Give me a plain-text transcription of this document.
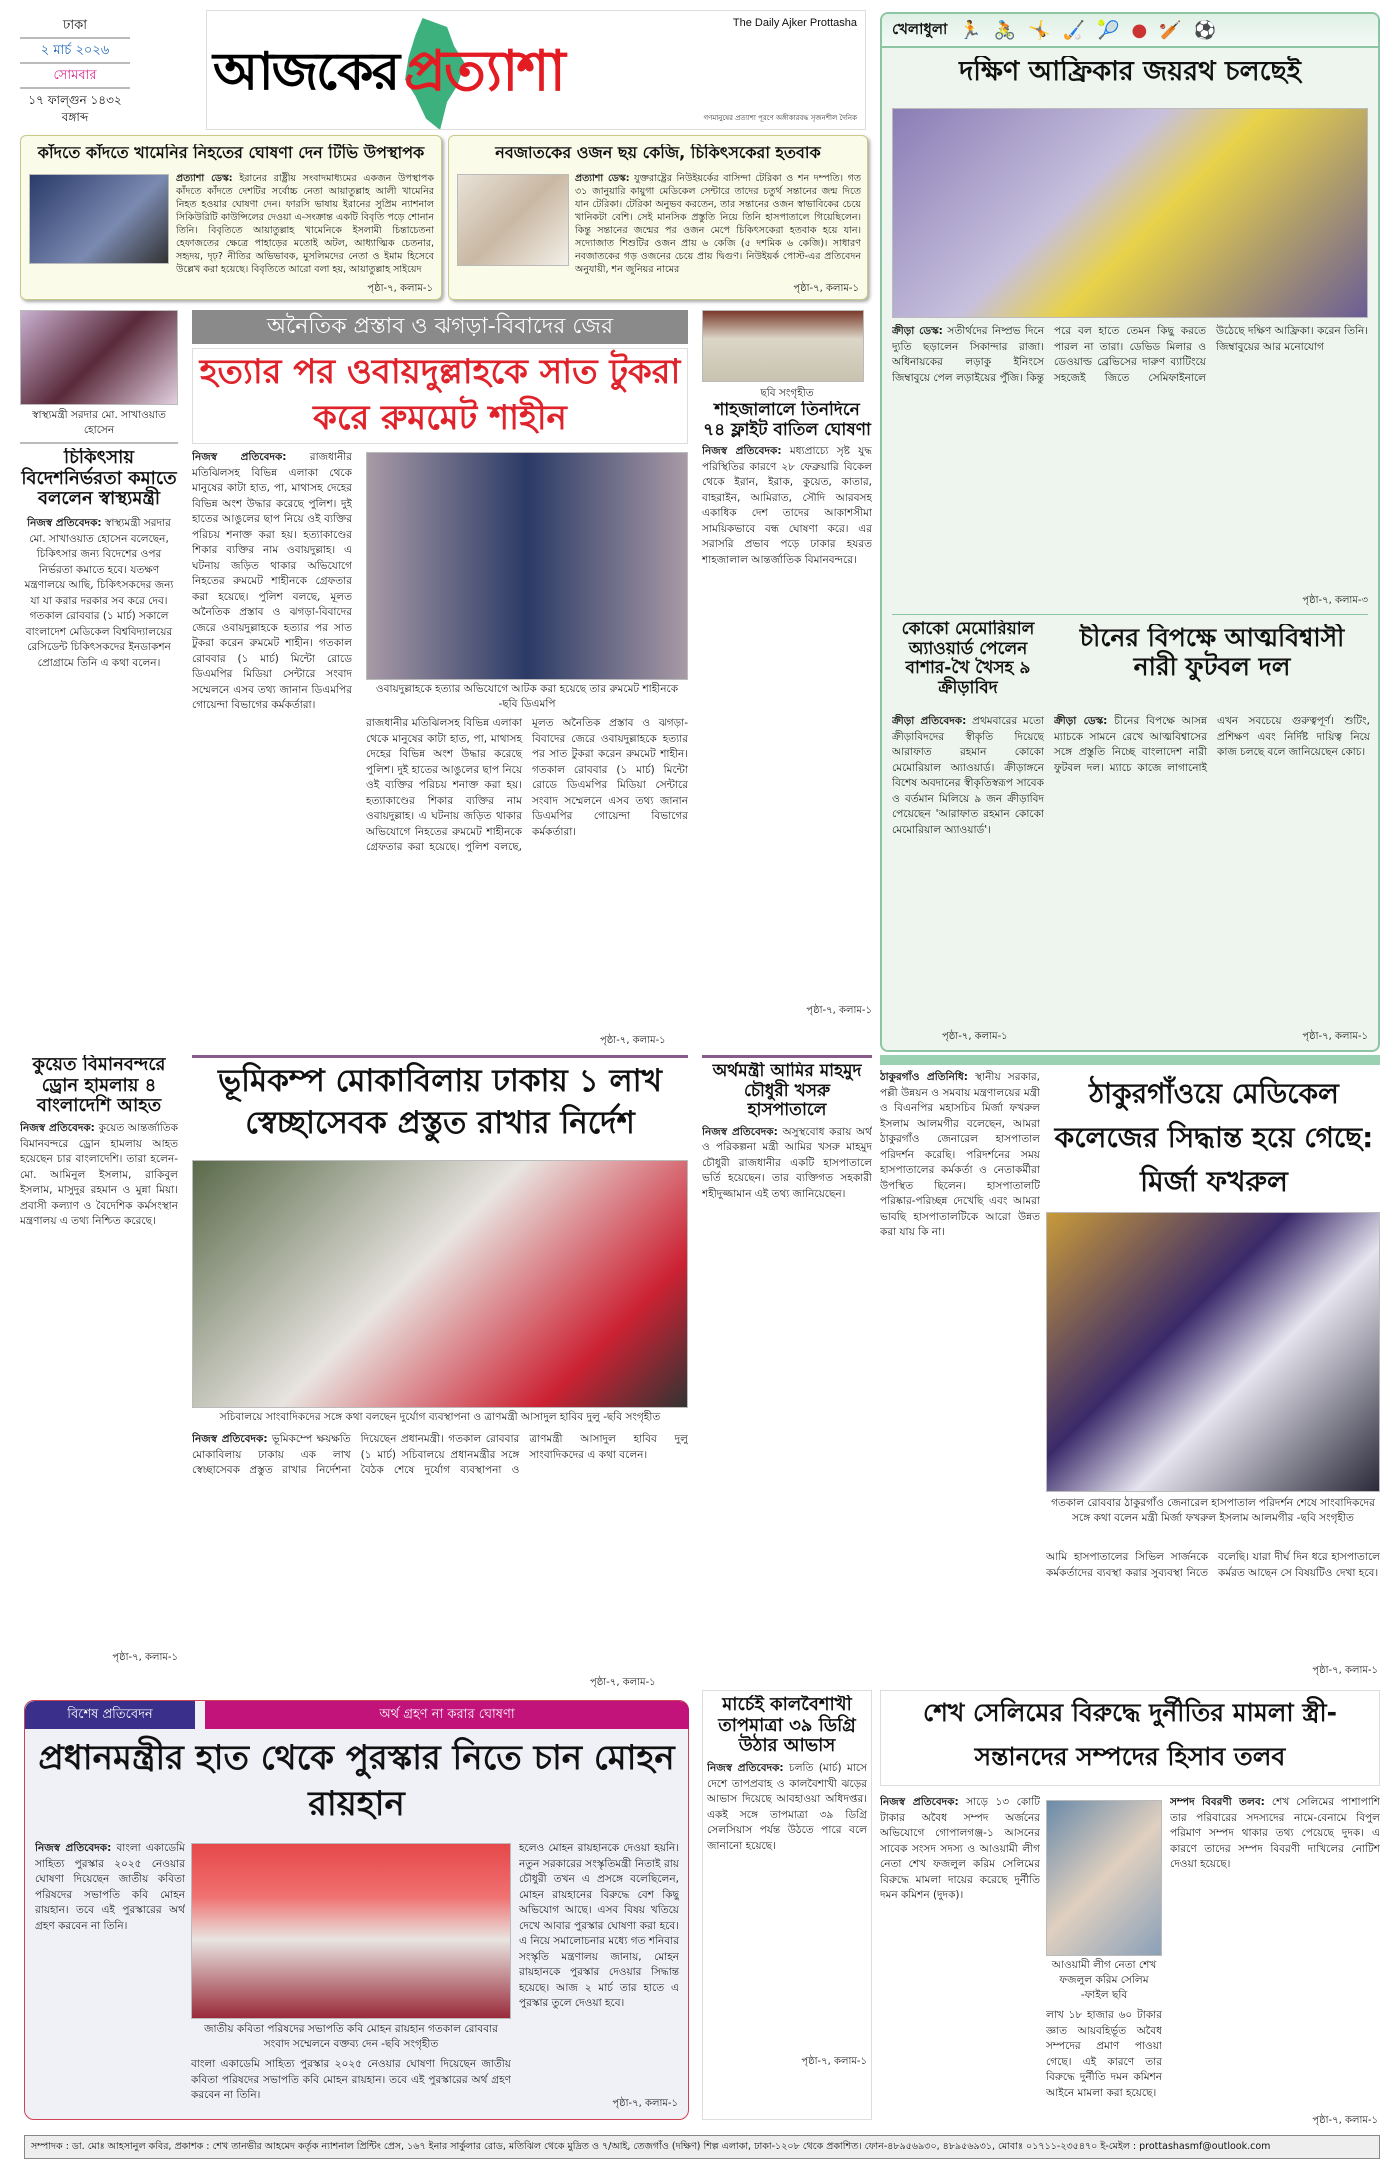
ঢাকা
২ মার্চ ২০২৬
সোমবার
১৭ ফাল্গুন ১৪৩২ বঙ্গাব্দ
The Daily Ajker Prottasha
আজকের প্রত্যাশা
গণমানুষের প্রত্যাশা পূরণে অঙ্গীকারবদ্ধ সৃজনশীল দৈনিক
কাঁদতে কাঁদতে খামেনির নিহতের ঘোষণা দেন টিভি উপস্থাপক
প্রত্যাশা ডেস্ক: ইরানের রাষ্ট্রীয় সংবাদমাধ্যমের একজন উপস্থাপক কাঁদতে কাঁদতে দেশটির সর্বোচ্চ নেতা আয়াতুল্লাহ আলী খামেনির নিহত হওয়ার ঘোষণা দেন। ফারসি ভাষায় ইরানের সুপ্রিম ন্যাশনাল সিকিউরিটি কাউন্সিলের দেওয়া এ-সংক্রান্ত একটি বিবৃতি পড়ে শোনান তিনি। বিবৃতিতে আয়াতুল্লাহ খামেনিকে ইসলামী চিন্তাচেতনা হেফাজতের ক্ষেত্রে পাহাড়ের মতোই অটল, আধ্যাত্মিক চেতনার, সহৃদয়, দৃঢ়? নীতির অভিভাবক, মুসলিমদের নেতা ও ইমাম হিসেবে উল্লেখ করা হয়েছে। বিবৃতিতে আরো বলা হয়, আয়াতুল্লাহ সাইয়েদ
পৃষ্ঠা-৭, কলাম-১
নবজাতকের ওজন ছয় কেজি, চিকিৎসকেরা হতবাক
প্রত্যাশা ডেস্ক: যুক্তরাষ্ট্রের নিউইয়র্কের বাসিন্দা টেরিকা ও শন দম্পতি। গত ৩১ জানুয়ারি কায়ুগা মেডিকেল সেন্টারে তাদের চতুর্থ সন্তানের জন্ম দিতে যান টেরিকা। টেরিকা অনুভব করতেন, তার সন্তানের ওজন স্বাভাবিকের চেয়ে খানিকটা বেশি। সেই মানসিক প্রস্তুতি নিয়ে তিনি হাসপাতালে গিয়েছিলেন। কিন্তু সন্তানের জন্মের পর ওজন মেপে চিকিৎসকেরা হতবাক হয়ে যান। সদ্যোজাত শিশুটির ওজন প্রায় ৬ কেজি (৫ দশমিক ৬ কেজি)। সাধারণ নবজাতকের গড় ওজনের চেয়ে প্রায় দ্বিগুণ। নিউইয়র্ক পোস্ট-এর প্রতিবেদন অনুযায়ী, শন জুনিয়র নামের
পৃষ্ঠা-৭, কলাম-১
খেলাধুলা 🏃 🚴 🤸 🏑 🎾 ● 🏏 ⚽
দক্ষিণ আফ্রিকার জয়রথ চলছেই
ক্রীড়া ডেস্ক: সতীর্থদের নিষ্প্রভ দিনে দ্যুতি ছড়ালেন সিকান্দার রাজা। অধিনায়কের লড়াকু ইনিংসে জিম্বাবুয়ে পেল লড়াইয়ের পুঁজি। কিন্তু পরে বল হাতে তেমন কিছু করতে পারল না তারা। ডেভিড মিলার ও ডেওয়াল্ড ব্রেভিসের দারুণ ব্যাটিংয়ে সহজেই জিতে সেমিফাইনালে উঠেছে দক্ষিণ আফ্রিকা। করেন তিনি। জিম্বাবুয়ের আর মনোযোগ
পৃষ্ঠা-৭, কলাম-৩
কোকো মেমোরিয়াল অ্যাওয়ার্ড পেলেন বাশার-খৈ খৈসহ ৯ ক্রীড়াবিদ
ক্রীড়া প্রতিবেদক: প্রথমবারের মতো ক্রীড়াবিদদের স্বীকৃতি দিয়েছে আরাফাত রহমান কোকো মেমোরিয়াল অ্যাওয়ার্ড। ক্রীড়াঙ্গনে বিশেষ অবদানের স্বীকৃতিস্বরূপ সাবেক ও বর্তমান মিলিয়ে ৯ জন ক্রীড়াবিদ পেয়েছেন 'আরাফাত রহমান কোকো মেমোরিয়াল অ্যাওয়ার্ড'।
পৃষ্ঠা-৭, কলাম-১
চীনের বিপক্ষে আত্মবিশ্বাসী নারী ফুটবল দল
ক্রীড়া ডেস্ক: চীনের বিপক্ষে আসন্ন ম্যাচকে সামনে রেখে আত্মবিশ্বাসের সঙ্গে প্রস্তুতি নিচ্ছে বাংলাদেশ নারী ফুটবল দল। ম্যাচে কাজে লাগানোই এখন সবচেয়ে গুরুত্বপূর্ণ। শুটিং, প্রশিক্ষণ এবং নির্দিষ্ট দায়িত্ব নিয়ে কাজ চলছে বলে জানিয়েছেন কোচ।
পৃষ্ঠা-৭, কলাম-১
স্বাস্থ্যমন্ত্রী সরদার মো. সাখাওয়াত হোসেন
চিকিৎসায় বিদেশনির্ভরতা কমাতে বললেন স্বাস্থ্যমন্ত্রী
নিজস্ব প্রতিবেদক: স্বাস্থ্যমন্ত্রী সরদার মো. সাখাওয়াত হোসেন বলেছেন, চিকিৎসার জন্য বিদেশের ওপর নির্ভরতা কমাতে হবে। যতক্ষণ মন্ত্রণালয়ে আছি, চিকিৎসকদের জন্য যা যা করার দরকার সব করে দেব। গতকাল রোববার (১ মার্চ) সকালে বাংলাদেশ মেডিকেল বিশ্ববিদ্যালয়ের রেসিডেন্ট চিকিৎসকদের ইনডাকশন প্রোগ্রামে তিনি এ কথা বলেন।
অনৈতিক প্রস্তাব ও ঝগড়া-বিবাদের জের
হত্যার পর ওবায়দুল্লাহকে সাত টুকরা করে রুমমেট শাহীন
নিজস্ব প্রতিবেদক: রাজধানীর মতিঝিলসহ বিভিন্ন এলাকা থেকে মানুষের কাটা হাত, পা, মাথাসহ দেহের বিভিন্ন অংশ উদ্ধার করেছে পুলিশ। দুই হাতের আঙুলের ছাপ নিয়ে ওই ব্যক্তির পরিচয় শনাক্ত করা হয়। হত্যাকাণ্ডের শিকার ব্যক্তির নাম ওবায়দুল্লাহ। এ ঘটনায় জড়িত থাকার অভিযোগে নিহতের রুমমেট শাহীনকে গ্রেফতার করা হয়েছে। পুলিশ বলছে, মূলত অনৈতিক প্রস্তাব ও ঝগড়া-বিবাদের জেরে ওবায়দুল্লাহকে হত্যার পর সাত টুকরা করেন রুমমেট শাহীন। গতকাল রোববার (১ মার্চ) মিন্টো রোডে ডিএমপির মিডিয়া সেন্টারে সংবাদ সম্মেলনে এসব তথ্য জানান ডিএমপির গোয়েন্দা বিভাগের কর্মকর্তারা।
ওবায়দুল্লাহকে হত্যার অভিযোগে আটক করা হয়েছে তার রুমমেট শাহীনকে -ছবি ডিএমপি
রাজধানীর মতিঝিলসহ বিভিন্ন এলাকা থেকে মানুষের কাটা হাত, পা, মাথাসহ দেহের বিভিন্ন অংশ উদ্ধার করেছে পুলিশ। দুই হাতের আঙুলের ছাপ নিয়ে ওই ব্যক্তির পরিচয় শনাক্ত করা হয়। হত্যাকাণ্ডের শিকার ব্যক্তির নাম ওবায়দুল্লাহ। এ ঘটনায় জড়িত থাকার অভিযোগে নিহতের রুমমেট শাহীনকে গ্রেফতার করা হয়েছে। পুলিশ বলছে, মূলত অনৈতিক প্রস্তাব ও ঝগড়া-বিবাদের জেরে ওবায়দুল্লাহকে হত্যার পর সাত টুকরা করেন রুমমেট শাহীন। গতকাল রোববার (১ মার্চ) মিন্টো রোডে ডিএমপির মিডিয়া সেন্টারে সংবাদ সম্মেলনে এসব তথ্য জানান ডিএমপির গোয়েন্দা বিভাগের কর্মকর্তারা।
পৃষ্ঠা-৭, কলাম-১
ছবি সংগৃহীত
শাহজালালে তিনদিনে ৭৪ ফ্লাইট বাতিল ঘোষণা
নিজস্ব প্রতিবেদক: মধ্যপ্রাচ্যে সৃষ্ট যুদ্ধ পরিস্থিতির কারণে ২৮ ফেব্রুয়ারি বিকেল থেকে ইরান, ইরাক, কুয়েত, কাতার, বাহরাইন, আমিরাত, সৌদি আরবসহ একাধিক দেশ তাদের আকাশসীমা সাময়িকভাবে বন্ধ ঘোষণা করে। এর সরাসরি প্রভাব পড়ে ঢাকার হযরত শাহজালাল আন্তর্জাতিক বিমানবন্দরে।
পৃষ্ঠা-৭, কলাম-১
কুয়েত বিমানবন্দরে ড্রোন হামলায় ৪ বাংলাদেশি আহত
নিজস্ব প্রতিবেদক: কুয়েত আন্তর্জাতিক বিমানবন্দরে ড্রোন হামলায় আহত হয়েছেন চার বাংলাদেশি। তারা হলেন- মো. আমিনুল ইসলাম, রাকিবুল ইসলাম, মাসুদুর রহমান ও মুন্না মিয়া। প্রবাসী কল্যাণ ও বৈদেশিক কর্মসংস্থান মন্ত্রণালয় এ তথ্য নিশ্চিত করেছে।
পৃষ্ঠা-৭, কলাম-১
ভূমিকম্প মোকাবিলায় ঢাকায় ১ লাখ স্বেচ্ছাসেবক প্রস্তুত রাখার নির্দেশ
সচিবালয়ে সাংবাদিকদের সঙ্গে কথা বলছেন দুর্যোগ ব্যবস্থাপনা ও ত্রাণমন্ত্রী আসাদুল হাবিব দুলু -ছবি সংগৃহীত
নিজস্ব প্রতিবেদক: ভূমিকম্পে ক্ষয়ক্ষতি মোকাবিলায় ঢাকায় এক লাখ স্বেচ্ছাসেবক প্রস্তুত রাখার নির্দেশনা দিয়েছেন প্রধানমন্ত্রী। গতকাল রোববার (১ মার্চ) সচিবালয়ে প্রধানমন্ত্রীর সঙ্গে বৈঠক শেষে দুর্যোগ ব্যবস্থাপনা ও ত্রাণমন্ত্রী আসাদুল হাবিব দুলু সাংবাদিকদের এ কথা বলেন।
পৃষ্ঠা-৭, কলাম-১
অর্থমন্ত্রী আমির মাহমুদ চৌধুরী খসরু হাসপাতালে
নিজস্ব প্রতিবেদক: অসুস্থবোধ করায় অর্থ ও পরিকল্পনা মন্ত্রী আমির খসরু মাহমুদ চৌধুরী রাজধানীর একটি হাসপাতালে ভর্তি হয়েছেন। তার ব্যক্তিগত সহকারী শহীদুজ্জামান এই তথ্য জানিয়েছেন।
ঠাকুরগাঁও প্রতিনিধি: স্থানীয় সরকার, পল্লী উন্নয়ন ও সমবায় মন্ত্রণালয়ের মন্ত্রী ও বিএনপির মহাসচিব মির্জা ফখরুল ইসলাম আলমগীর বলেছেন, আমরা ঠাকুরগাঁও জেনারেল হাসপাতাল পরিদর্শন করেছি। পরিদর্শনের সময় হাসপাতালের কর্মকর্তা ও নেতাকর্মীরা উপস্থিত ছিলেন। হাসপাতালটি পরিষ্কার-পরিচ্ছন্ন দেখেছি এবং আমরা ভাবছি হাসপাতালটিকে আরো উন্নত করা যায় কি না।
ঠাকুরগাঁওয়ে মেডিকেল কলেজের সিদ্ধান্ত হয়ে গেছে: মির্জা ফখরুল
গতকাল রোববার ঠাকুরগাঁও জেনারেল হাসপাতাল পরিদর্শন শেষে সাংবাদিকদের সঙ্গে কথা বলেন মন্ত্রী মির্জা ফখরুল ইসলাম আলমগীর -ছবি সংগৃহীত
আমি হাসপাতালের সিভিল সার্জনকে কর্মকর্তাদের ব্যবস্থা করার সুব্যবস্থা নিতে বলেছি। যারা দীর্ঘ দিন ধরে হাসপাতালে কর্মরত আছেন সে বিষয়টিও দেখা হবে।
পৃষ্ঠা-৭, কলাম-১
মার্চেই কালবৈশাখী তাপমাত্রা ৩৯ ডিগ্রি উঠার আভাস
নিজস্ব প্রতিবেদক: চলতি (মার্চ) মাসে দেশে তাপপ্রবাহ ও কালবৈশাখী ঝড়ের আভাস দিয়েছে আবহাওয়া অধিদপ্তর। একই সঙ্গে তাপমাত্রা ৩৯ ডিগ্রি সেলসিয়াস পর্যন্ত উঠতে পারে বলে জানানো হয়েছে।
পৃষ্ঠা-৭, কলাম-১
শেখ সেলিমের বিরুদ্ধে দুর্নীতির মামলা স্ত্রী-সন্তানদের সম্পদের হিসাব তলব
নিজস্ব প্রতিবেদক: সাড়ে ১৩ কোটি টাকার অবৈধ সম্পদ অর্জনের অভিযোগে গোপালগঞ্জ-১ আসনের সাবেক সংসদ সদস্য ও আওয়ামী লীগ নেতা শেখ ফজলুল করিম সেলিমের বিরুদ্ধে মামলা দায়ের করেছে দুর্নীতি দমন কমিশন (দুদক)।
আওয়ামী লীগ নেতা শেখ ফজলুল করিম সেলিম -ফাইল ছবি
লাখ ১৮ হাজার ৬০ টাকার জ্ঞাত আয়বহির্ভূত অবৈধ সম্পদের প্রমাণ পাওয়া গেছে। এই কারণে তার বিরুদ্ধে দুর্নীতি দমন কমিশন আইনে মামলা করা হয়েছে।
সম্পদ বিবরণী তলব: শেখ সেলিমের পাশাপাশি তার পরিবারের সদস্যদের নামে-বেনামে বিপুল পরিমাণ সম্পদ থাকার তথ্য পেয়েছে দুদক। এ কারণে তাদের সম্পদ বিবরণী দাখিলের নোটিশ দেওয়া হয়েছে।
পৃষ্ঠা-৭, কলাম-১
বিশেষ প্রতিবেদন	অর্থ গ্রহণ না করার ঘোষণা
প্রধানমন্ত্রীর হাত থেকে পুরস্কার নিতে চান মোহন রায়হান
নিজস্ব প্রতিবেদক: বাংলা একাডেমি সাহিত্য পুরস্কার ২০২৫ নেওয়ার ঘোষণা দিয়েছেন জাতীয় কবিতা পরিষদের সভাপতি কবি মোহন রায়হান। তবে এই পুরস্কারের অর্থ গ্রহণ করবেন না তিনি।
জাতীয় কবিতা পরিষদের সভাপতি কবি মোহন রায়হান গতকাল রোববার সংবাদ সম্মেলনে বক্তব্য দেন -ছবি সংগৃহীত
বাংলা একাডেমি সাহিত্য পুরস্কার ২০২৫ নেওয়ার ঘোষণা দিয়েছেন জাতীয় কবিতা পরিষদের সভাপতি কবি মোহন রায়হান। তবে এই পুরস্কারের অর্থ গ্রহণ করবেন না তিনি।
হলেও মোহন রায়হানকে দেওয়া হয়নি। নতুন সরকারের সংস্কৃতিমন্ত্রী নিতাই রায় চৌধুরী তখন এ প্রসঙ্গে বলেছিলেন, মোহন রায়হানের বিরুদ্ধে বেশ কিছু অভিযোগ আছে। এসব বিষয় খতিয়ে দেখে আবার পুরস্কার ঘোষণা করা হবে। এ নিয়ে সমালোচনার মধ্যে গত শনিবার সংস্কৃতি মন্ত্রণালয় জানায়, মোহন রায়হানকে পুরস্কার দেওয়ার সিদ্ধান্ত হয়েছে। আজ ২ মার্চ তার হাতে এ পুরস্কার তুলে দেওয়া হবে।
পৃষ্ঠা-৭, কলাম-১
সম্পাদক : ডা. মোঃ আহসানুল কবির, প্রকাশক : শেখ তানভীর আহমেদ কর্তৃক ন্যাশনাল প্রিন্টিং প্রেস, ১৬৭ ইনার সার্কুলার রোড, মতিঝিল থেকে মুদ্রিত ও ৭/আই, তেজগাঁও (দক্ষিণ) শিল্প এলাকা, ঢাকা-১২০৮ থেকে প্রকাশিত। ফোন-৪৮৯৫৬৯৩০, ৪৮৯৫৬৯৩১, মোবাঃ ০১৭১১-২৩৫৪৭০ ই-মেইল : prottashasmf@outlook.com
